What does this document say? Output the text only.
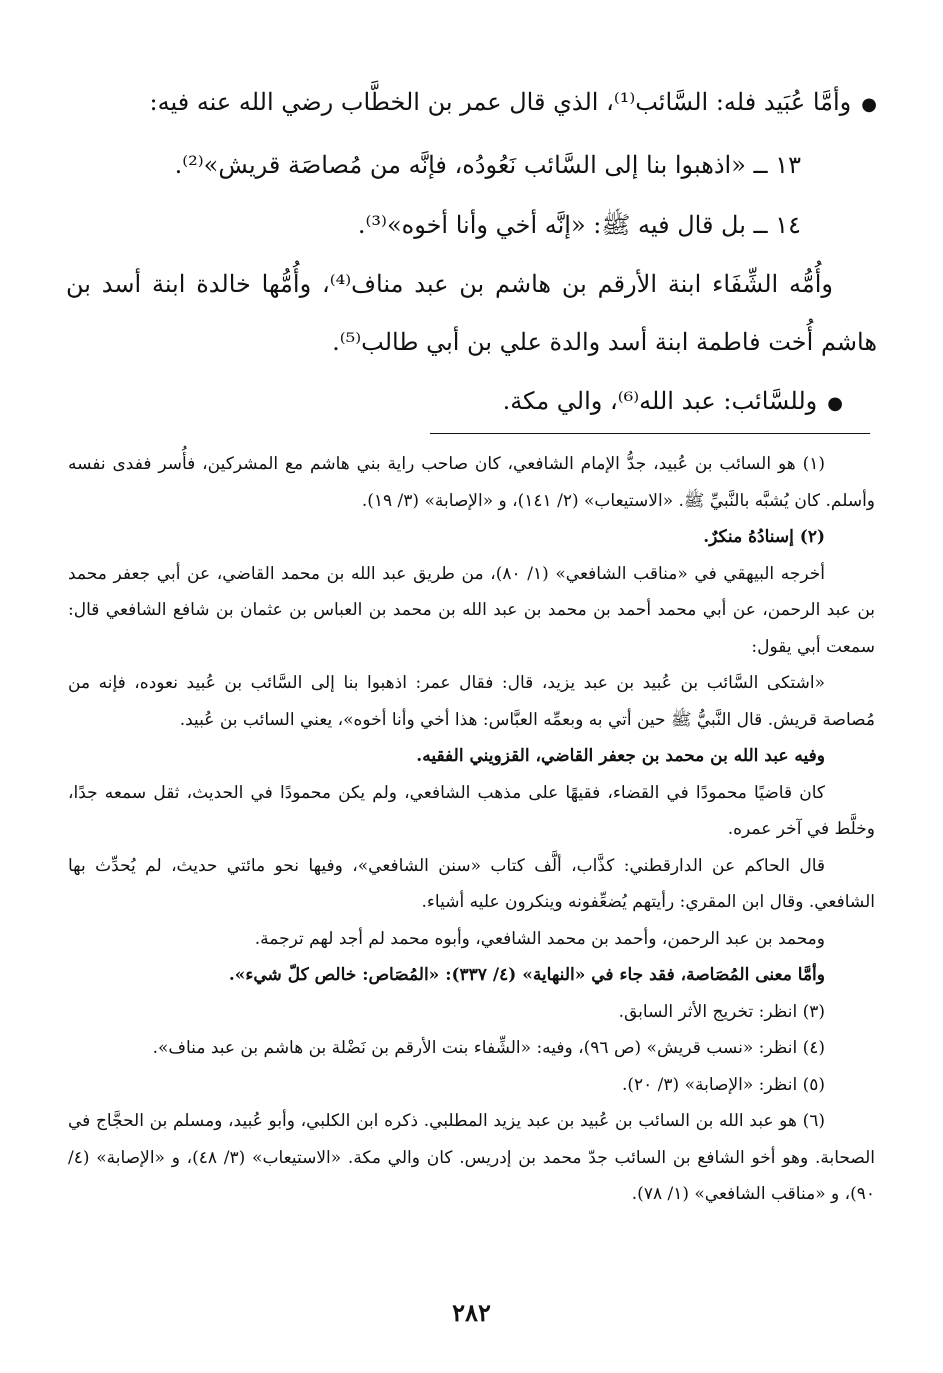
●وأمَّا عُبَيد فله: السَّائب⁽¹⁾، الذي قال عمر بن الخطَّاب رضي الله عنه فيه:

١٣ ــ «اذهبوا بنا إلى السَّائب نَعُودُه، فإنَّه من مُصاصَة قريش»⁽²⁾.

١٤ ــ بل قال فيه ﷺ: «إنَّه أخي وأنا أخوه»⁽³⁾.

وأُمُّه الشِّفَاء ابنة الأرقم بن هاشم بن عبد مناف⁽⁴⁾، وأُمُّها خالدة ابنة أسد بن هاشم أُخت فاطمة ابنة أسد والدة علي بن أبي طالب⁽⁵⁾.

●وللسَّائب: عبد الله⁽⁶⁾، والي مكة.

(١) هو السائب بن عُبيد، جدُّ الإمام الشافعي، كان صاحب راية بني هاشم مع المشركين، فأُسر ففدى نفسه وأسلم. كان يُشبَّه بالنَّبيِّ ﷺ. «الاستيعاب» (٢/ ١٤١)، و «الإصابة» (٣/ ١٩).

(٢) إسنادُهُ منكرٌ.

أخرجه البيهقي في «مناقب الشافعي» (١/ ٨٠)، من طريق عبد الله بن محمد القاضي، عن أبي جعفر محمد بن عبد الرحمن، عن أبي محمد أحمد بن محمد بن عبد الله بن محمد بن العباس بن عثمان بن شافع الشافعي قال: سمعت أبي يقول:

«اشتكى السَّائب بن عُبيد بن عبد يزيد، قال: فقال عمر: اذهبوا بنا إلى السَّائب بن عُبيد نعوده، فإنه من مُصاصة قريش. قال النَّبيُّ ﷺ حين أتي به وبعمِّه العبَّاس: هذا أخي وأنا أخوه»، يعني السائب بن عُبيد.

وفيه عبد الله بن محمد بن جعفر القاضي، القزويني الفقيه.

كان قاضيًا محمودًا في القضاء، فقيهًا على مذهب الشافعي، ولم يكن محمودًا في الحديث، ثقل سمعه جدًا، وخلَّط في آخر عمره.

قال الحاكم عن الدارقطني: كذَّاب، ألَّف كتاب «سنن الشافعي»، وفيها نحو مائتي حديث، لم يُحدِّث بها الشافعي. وقال ابن المقري: رأيتهم يُضعِّفونه وينكرون عليه أشياء.

ومحمد بن عبد الرحمن، وأحمد بن محمد الشافعي، وأبوه محمد لم أجد لهم ترجمة.

وأمَّا معنى المُصَاصة، فقد جاء في «النهاية» (٤/ ٣٣٧): «المُصَاص: خالص كلّ شيء».

(٣) انظر: تخريج الأثر السابق.

(٤) انظر: «نسب قريش» (ص ٩٦)، وفيه: «الشِّفاء بنت الأرقم بن نَضْلة بن هاشم بن عبد مناف».

(٥) انظر: «الإصابة» (٣/ ٢٠).

(٦) هو عبد الله بن السائب بن عُبيد بن عبد يزيد المطلبي. ذكره ابن الكلبي، وأبو عُبيد، ومسلم بن الحجَّاج في الصحابة. وهو أخو الشافع بن السائب جدّ محمد بن إدريس. كان والي مكة. «الاستيعاب» (٣/ ٤٨)، و «الإصابة» (٤/ ٩٠)، و «مناقب الشافعي» (١/ ٧٨).

٢٨٢
